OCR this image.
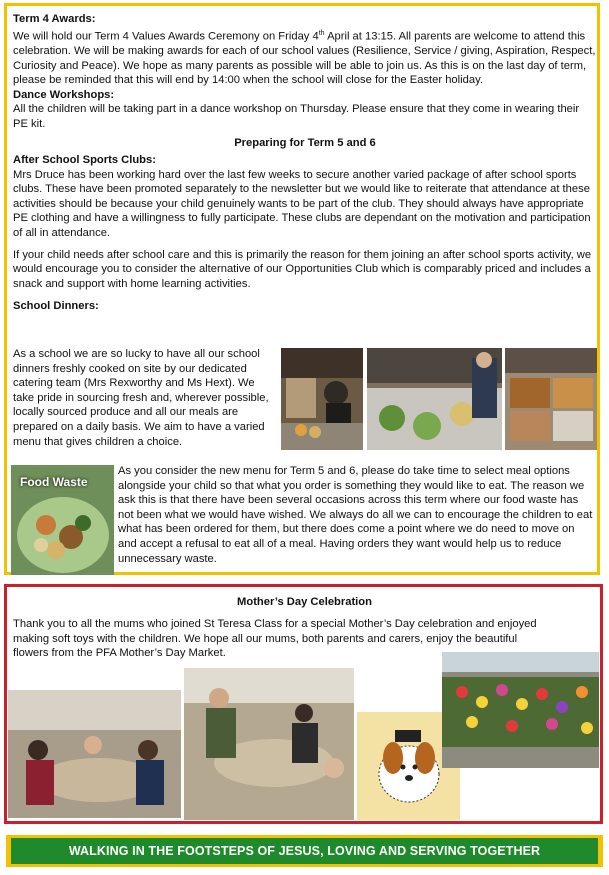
Term 4 Awards:
We will hold our Term 4 Values Awards Ceremony on Friday 4th April at 13:15. All parents are welcome to attend this celebration. We will be making awards for each of our school values (Resilience, Service / giving, Aspiration, Respect, Curiosity and Peace). We hope as many parents as possible will be able to join us. As this is on the last day of term, please be reminded that this will end by 14:00 when the school will close for the Easter holiday.
Dance Workshops:
All the children will be taking part in a dance workshop on Thursday. Please ensure that they come in wearing their PE kit.
Preparing for Term 5 and 6
After School Sports Clubs:
Mrs Druce has been working hard over the last few weeks to secure another varied package of after school sports clubs. These have been promoted separately to the newsletter but we would like to reiterate that attendance at these activities should be because your child genuinely wants to be part of the club. They should always have appropriate PE clothing and have a willingness to fully participate. These clubs are dependant on the motivation and participation of all in attendance.
If your child needs after school care and this is primarily the reason for them joining an after school sports activity, we would encourage you to consider the alternative of our Opportunities Club which is comparably priced and includes a snack and support with home learning activities.
School Dinners:
As a school we are so lucky to have all our school dinners freshly cooked on site by our dedicated catering team (Mrs Rexworthy and Ms Hext). We take pride in sourcing fresh and, wherever possible, locally sourced produce and all our meals are prepared on a daily basis. We aim to have a varied menu that gives children a choice.
Food Waste
As you consider the new menu for Term 5 and 6, please do take time to select meal options alongside your child so that what you order is something they would like to eat. The reason we ask this is that there have been several occasions across this term where our food waste has not been what we would have wished. We always do all we can to encourage the children to eat what has been ordered for them, but there does come a point where we do need to move on and accept a refusal to eat all of a meal. Having orders they want would help us to reduce unnecessary waste.
Mother’s Day Celebration
Thank you to all the mums who joined St Teresa Class for a special Mother’s Day celebration and enjoyed making soft toys with the children. We hope all our mums, both parents and carers, enjoy the beautiful flowers from the PFA Mother’s Day Market.
WALKING IN THE FOOTSTEPS OF JESUS, LOVING AND SERVING TOGETHER
